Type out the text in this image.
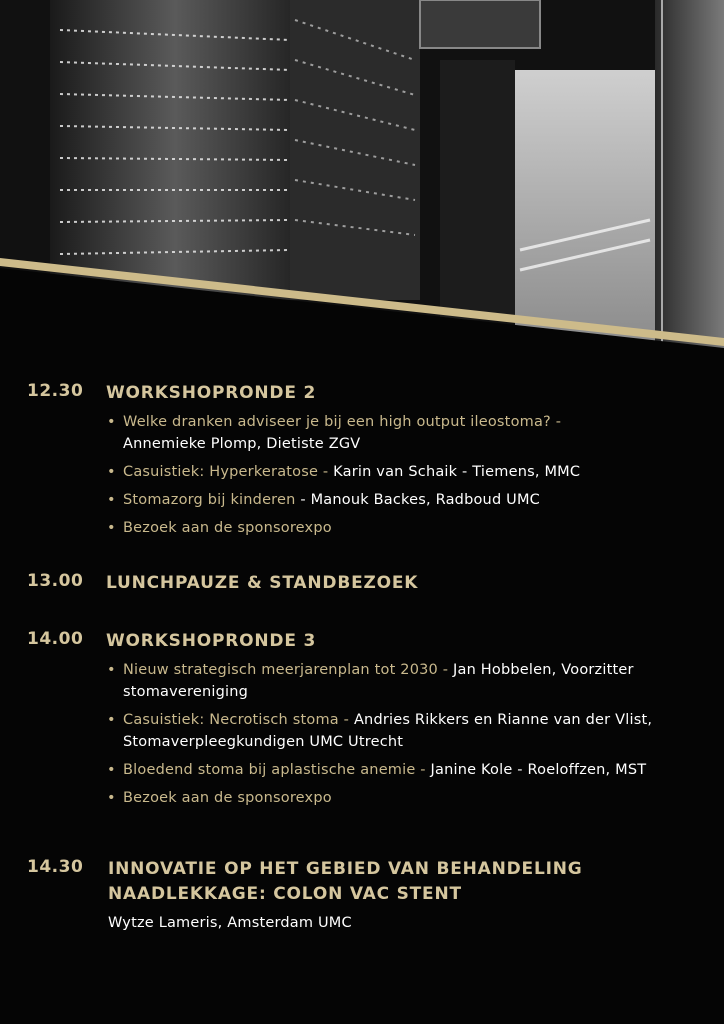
12.30 WORKSHOPRONDE 2
• Welke dranken adviseer je bij een high output ileostoma? -
Annemieke Plomp, Dietiste ZGV
• Casuistiek: Hyperkeratose - Karin van Schaik - Tiemens, MMC
• Stomazorg bij kinderen - Manouk Backes, Radboud UMC
• Bezoek aan de sponsorexpo
13.00 LUNCHPAUZE & STANDBEZOEK
14.00 WORKSHOPRONDE 3
• Nieuw strategisch meerjarenplan tot 2030 - Jan Hobbelen, Voorzitter stomavereniging
• Casuistiek: Necrotisch stoma - Andries Rikkers en Rianne van der Vlist, Stomaverpleegkundigen UMC Utrecht
• Bloedend stoma bij aplastische anemie - Janine Kole - Roeloffzen, MST
• Bezoek aan de sponsorexpo
14.30 INNOVATIE OP HET GEBIED VAN BEHANDELING
NAADLEKKAGE: COLON VAC STENT
Wytze Lameris, Amsterdam UMC
